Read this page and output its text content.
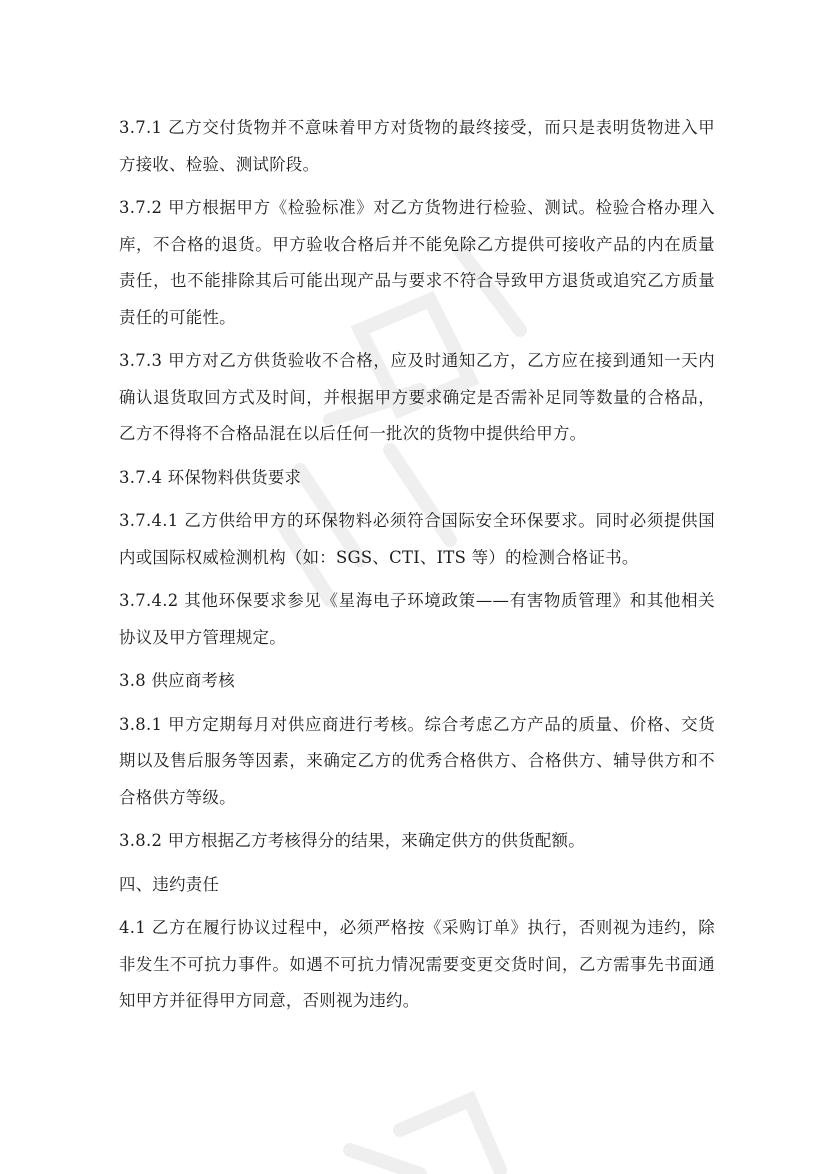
3.7.1 乙方交付货物并不意味着甲方对货物的最终接受，而只是表明货物进入甲方接收、检验、测试阶段。

3.7.2 甲方根据甲方《检验标准》对乙方货物进行检验、测试。检验合格办理入库，不合格的退货。甲方验收合格后并不能免除乙方提供可接收产品的内在质量责任，也不能排除其后可能出现产品与要求不符合导致甲方退货或追究乙方质量责任的可能性。

3.7.3 甲方对乙方供货验收不合格，应及时通知乙方，乙方应在接到通知一天内确认退货取回方式及时间，并根据甲方要求确定是否需补足同等数量的合格品，乙方不得将不合格品混在以后任何一批次的货物中提供给甲方。

3.7.4 环保物料供货要求

3.7.4.1 乙方供给甲方的环保物料必须符合国际安全环保要求。同时必须提供国内或国际权威检测机构（如：SGS、CTI、ITS 等）的检测合格证书。

3.7.4.2 其他环保要求参见《星海电子环境政策——有害物质管理》和其他相关协议及甲方管理规定。

3.8 供应商考核

3.8.1 甲方定期每月对供应商进行考核。综合考虑乙方产品的质量、价格、交货期以及售后服务等因素，来确定乙方的优秀合格供方、合格供方、辅导供方和不合格供方等级。

3.8.2 甲方根据乙方考核得分的结果，来确定供方的供货配额。

四、违约责任

4.1 乙方在履行协议过程中，必须严格按《采购订单》执行，否则视为违约，除非发生不可抗力事件。如遇不可抗力情况需要变更交货时间，乙方需事先书面通知甲方并征得甲方同意，否则视为违约。
